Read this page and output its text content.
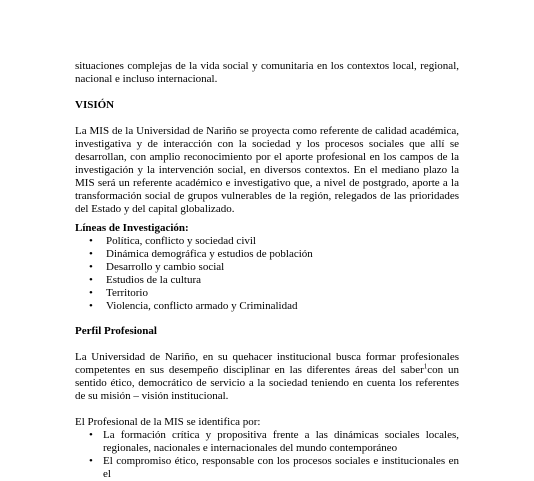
situaciones complejas de la vida social y comunitaria en los contextos local, regional, nacional e incluso internacional.

VISIÓN

La MIS de la Universidad de Nariño se proyecta como referente de calidad académica, investigativa y de interacción con la sociedad y los procesos sociales que allí se desarrollan, con amplio reconocimiento por el aporte profesional en los campos de la investigación y la intervención social, en diversos contextos. En el mediano plazo la MIS será un referente académico e investigativo que, a nivel de postgrado, aporte a la transformación social de grupos vulnerables de la región, relegados de las prioridades del Estado y del capital globalizado.

Líneas de Investigación:

• Política, conflicto y sociedad civil
• Dinámica demográfica y estudios de población
• Desarrollo y cambio social
• Estudios de la cultura
• Territorio
• Violencia, conflicto armado y Criminalidad

Perfil Profesional

La Universidad de Nariño, en su quehacer institucional busca formar profesionales competentes en sus desempeño disciplinar en las diferentes áreas del saber$^1$con un sentido ético, democrático de servicio a la sociedad teniendo en cuenta los referentes de su misión – visión institucional.

El Profesional de la MIS se identifica por:

• La formación crítica y propositiva frente a las dinámicas sociales locales, regionales, nacionales e internacionales del mundo contemporáneo
• El compromiso ético, responsable con los procesos sociales e institucionales en el
